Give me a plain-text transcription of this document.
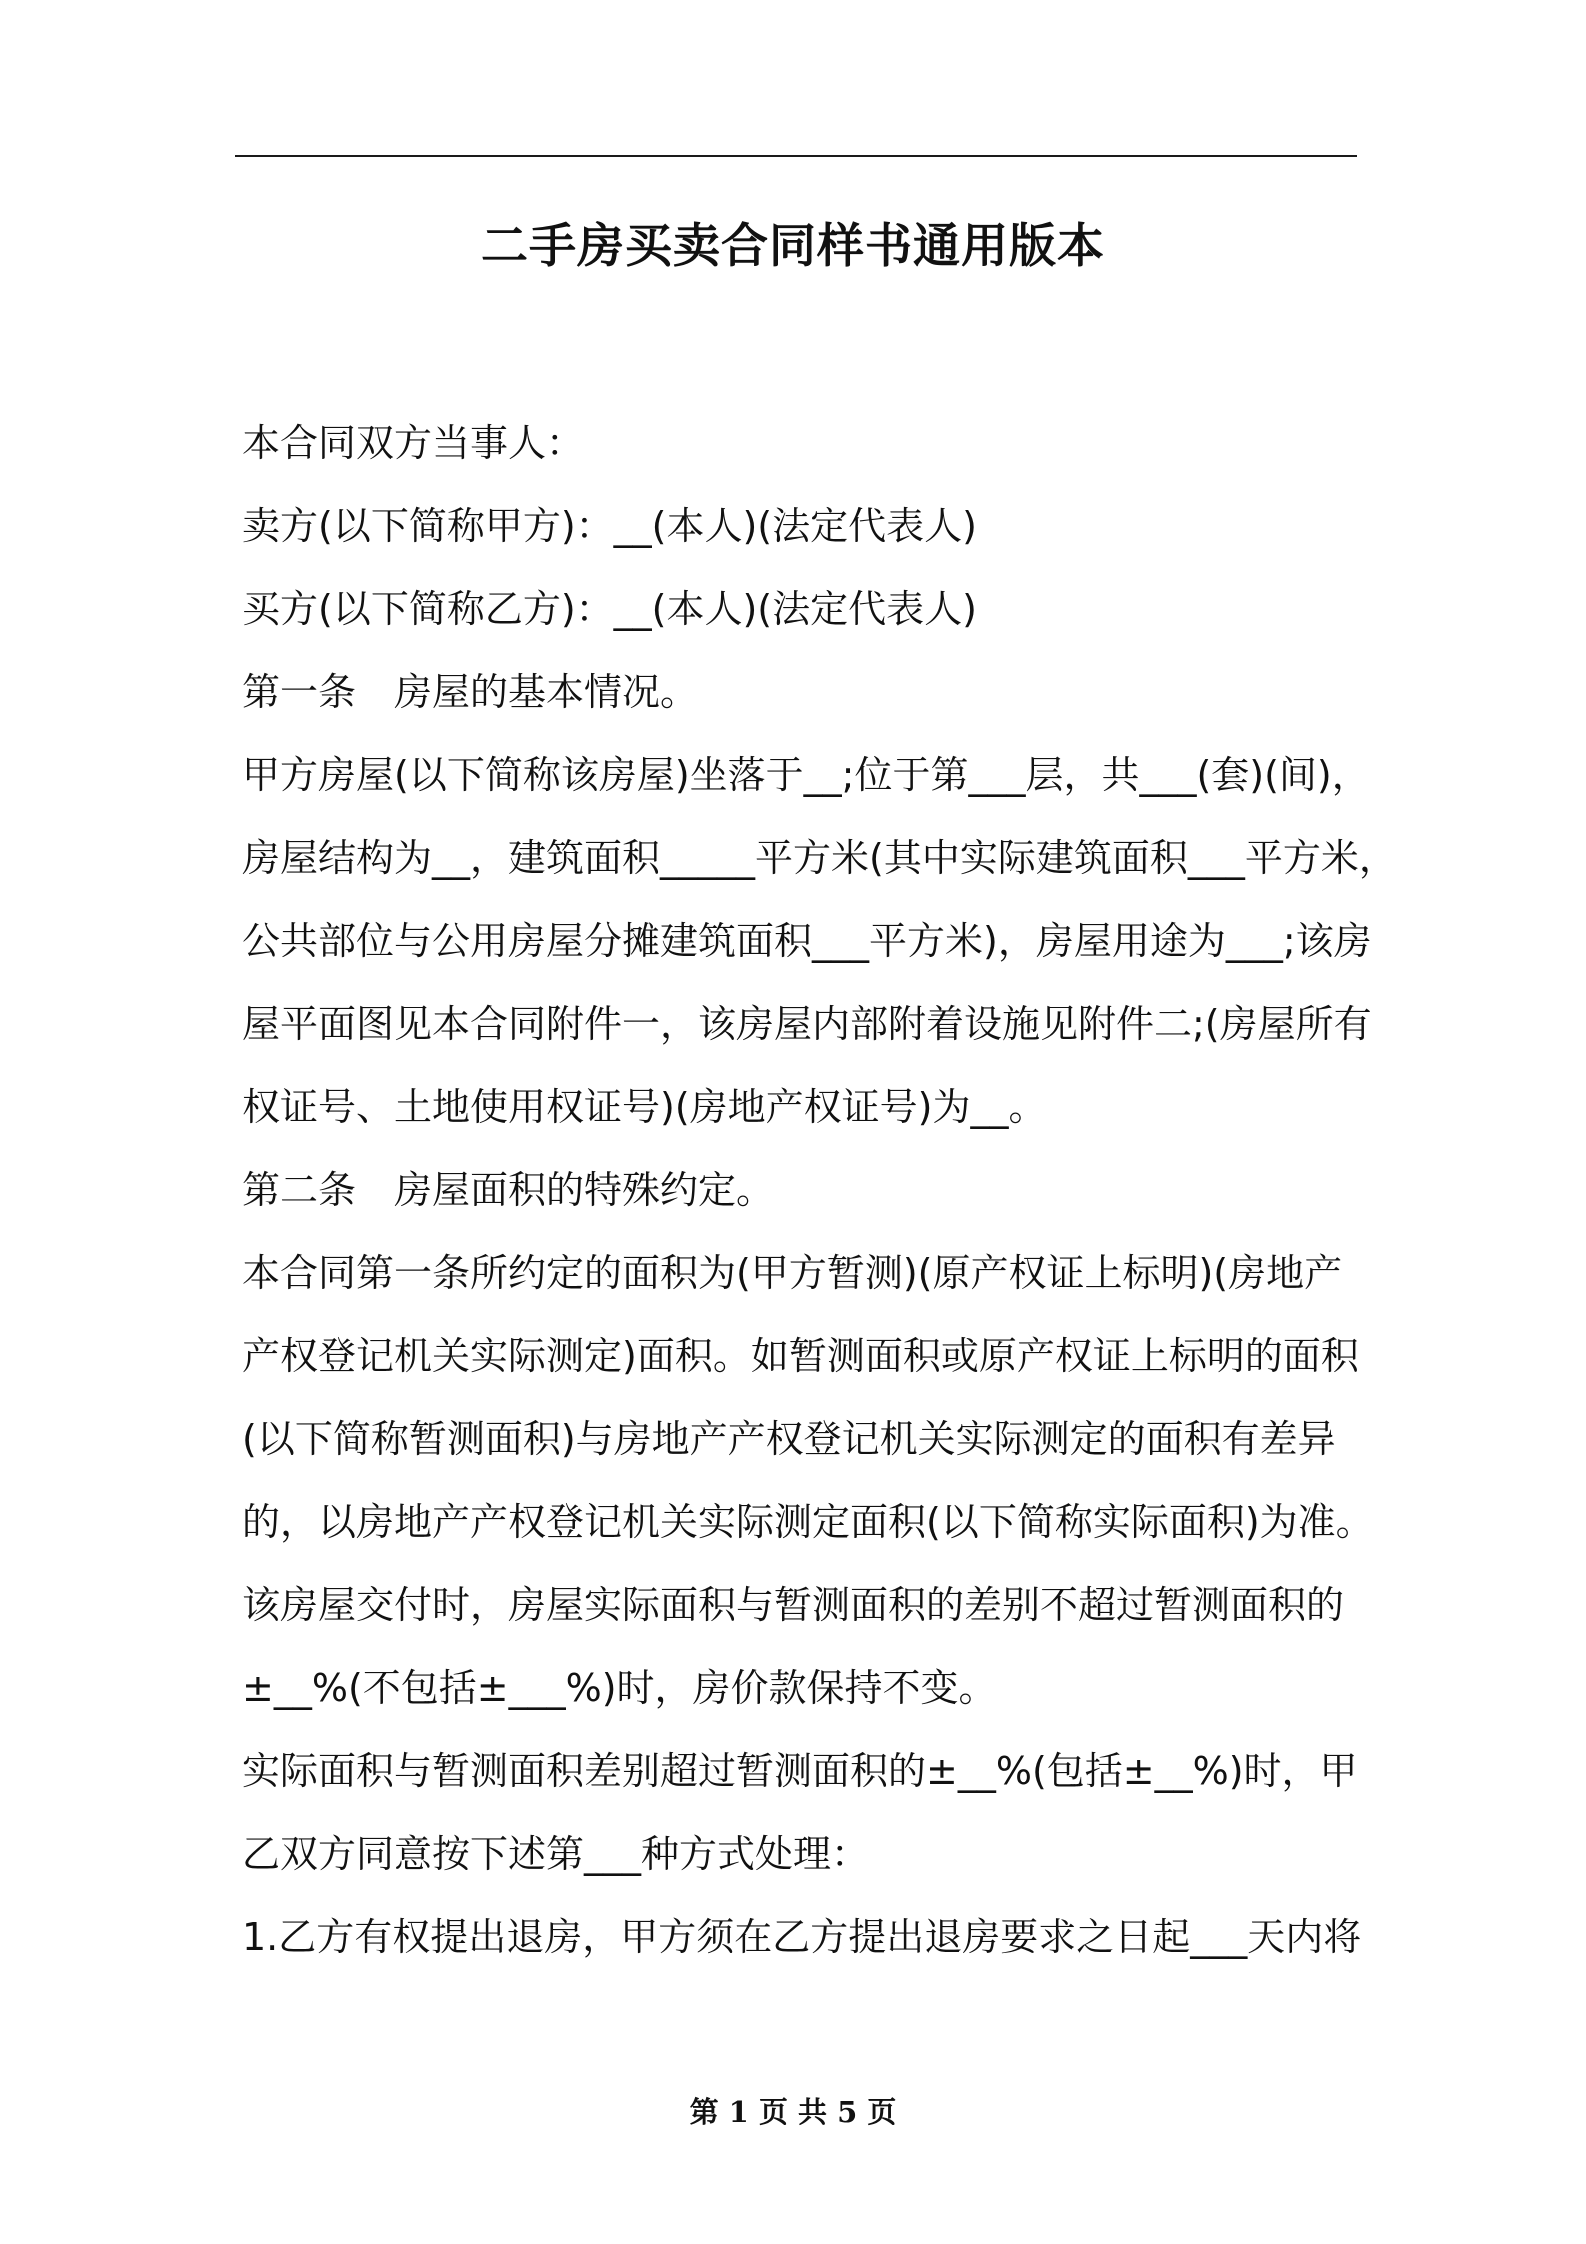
二手房买卖合同样书通用版本

本合同双方当事人：

卖方(以下简称甲方)：__(本人)(法定代表人)

买方(以下简称乙方)：__(本人)(法定代表人)

第一条　房屋的基本情况。

甲方房屋(以下简称该房屋)坐落于__;位于第___层，共___(套)(间)，

房屋结构为__，建筑面积_____平方米(其中实际建筑面积___平方米，

公共部位与公用房屋分摊建筑面积___平方米)，房屋用途为___;该房

屋平面图见本合同附件一，该房屋内部附着设施见附件二;(房屋所有

权证号、土地使用权证号)(房地产权证号)为__。

第二条　房屋面积的特殊约定。

本合同第一条所约定的面积为(甲方暂测)(原产权证上标明)(房地产

产权登记机关实际测定)面积。如暂测面积或原产权证上标明的面积

(以下简称暂测面积)与房地产产权登记机关实际测定的面积有差异

的，以房地产产权登记机关实际测定面积(以下简称实际面积)为准。

该房屋交付时，房屋实际面积与暂测面积的差别不超过暂测面积的

±__%(不包括±___%)时，房价款保持不变。

实际面积与暂测面积差别超过暂测面积的±__%(包括±__%)时，甲

乙双方同意按下述第___种方式处理：

1.乙方有权提出退房，甲方须在乙方提出退房要求之日起___天内将

第 1 页 共 5 页
